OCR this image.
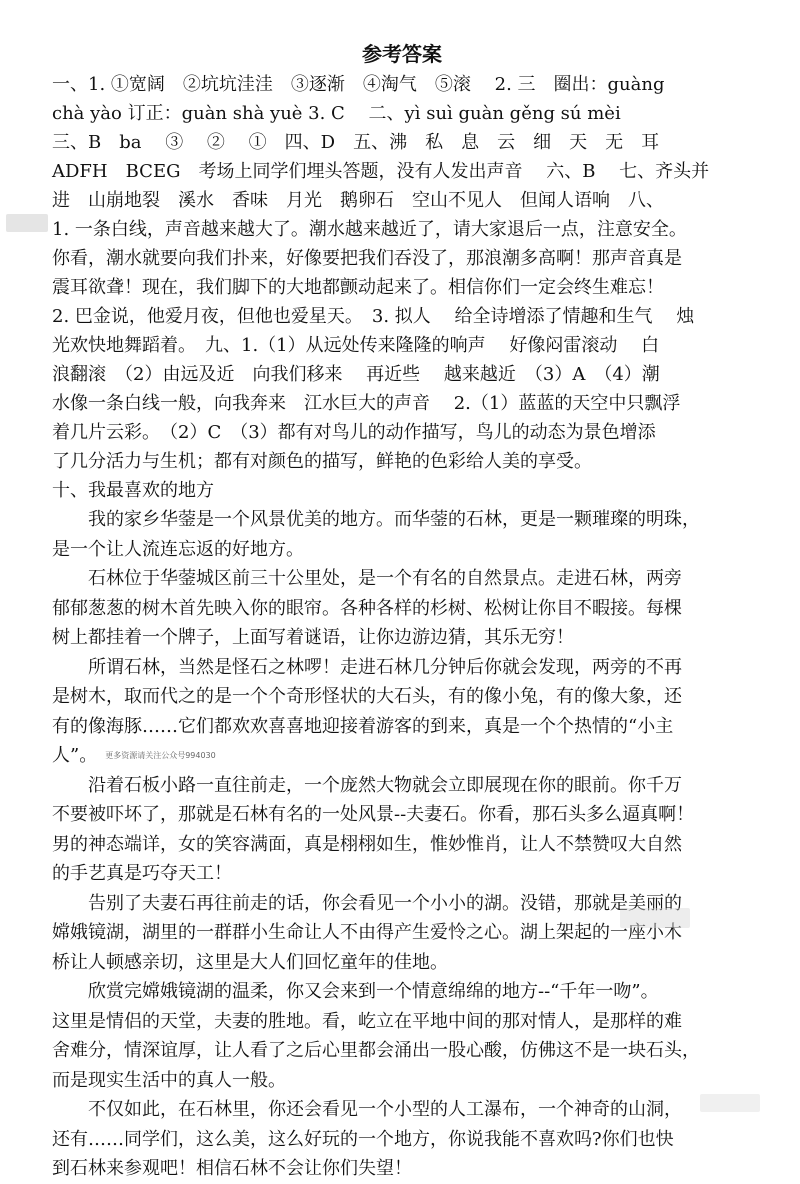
参考答案

一、1. ①宽阔　②坑坑洼洼　③逐渐　④淘气　⑤滚　 2. 三　圈出：guàng

chà yào 订正：guàn shà yuè 3. C　 二、yì suì guàn gěng sú mèi

三、B　ba　 ③　 ②　 ①　四、D　五、沸　私　息　云　细　天　无　耳

ADFH　BCEG　考场上同学们埋头答题，没有人发出声音　 六、B　 七、齐头并

进　山崩地裂　溪水　香味　月光　鹅卵石　空山不见人　但闻人语响　八、

1. 一条白线，声音越来越大了。潮水越来越近了，请大家退后一点，注意安全。

你看，潮水就要向我们扑来，好像要把我们吞没了，那浪潮多高啊！那声音真是

震耳欲聋！现在，我们脚下的大地都颤动起来了。相信你们一定会终生难忘！

2. 巴金说，他爱月夜，但他也爱星天。　3. 拟人　 给全诗增添了情趣和生气　 烛

光欢快地舞蹈着。　九、1.（1）从远处传来隆隆的响声　 好像闷雷滚动　 白

浪翻滚　（2）由远及近　向我们移来　 再近些　 越来越近　（3）A　（4）潮

水像一条白线一般，向我奔来　江水巨大的声音　 2.（1）蓝蓝的天空中只飘浮

着几片云彩。　（2）C　（3）都有对鸟儿的动作描写，鸟儿的动态为景色增添

了几分活力与生机；都有对颜色的描写，鲜艳的色彩给人美的享受。

十、我最喜欢的地方

我的家乡华蓥是一个风景优美的地方。而华蓥的石林，更是一颗璀璨的明珠，

是一个让人流连忘返的好地方。

石林位于华蓥城区前三十公里处，是一个有名的自然景点。走进石林，两旁

郁郁葱葱的树木首先映入你的眼帘。各种各样的杉树、松树让你目不暇接。每棵

树上都挂着一个牌子，上面写着谜语，让你边游边猜，其乐无穷！

所谓石林，当然是怪石之林啰！走进石林几分钟后你就会发现，两旁的不再

是树木，取而代之的是一个个奇形怪状的大石头，有的像小兔，有的像大象，还

有的像海豚……它们都欢欢喜喜地迎接着游客的到来，真是一个个热情的“小主

人”。 更多资源请关注公众号994030

沿着石板小路一直往前走，一个庞然大物就会立即展现在你的眼前。你千万

不要被吓坏了，那就是石林有名的一处风景--夫妻石。你看，那石头多么逼真啊！

男的神态端详，女的笑容满面，真是栩栩如生，惟妙惟肖，让人不禁赞叹大自然

的手艺真是巧夺天工！

告别了夫妻石再往前走的话，你会看见一个小小的湖。没错，那就是美丽的

嫦娥镜湖，湖里的一群群小生命让人不由得产生爱怜之心。湖上架起的一座小木

桥让人顿感亲切，这里是大人们回忆童年的佳地。

欣赏完嫦娥镜湖的温柔，你又会来到一个情意绵绵的地方--“千年一吻”。

这里是情侣的天堂，夫妻的胜地。看，屹立在平地中间的那对情人，是那样的难

舍难分，情深谊厚，让人看了之后心里都会涌出一股心酸，仿佛这不是一块石头，

而是现实生活中的真人一般。

不仅如此，在石林里，你还会看见一个小型的人工瀑布，一个神奇的山洞，

还有……同学们，这么美，这么好玩的一个地方，你说我能不喜欢吗?你们也快

到石林来参观吧！相信石林不会让你们失望！
